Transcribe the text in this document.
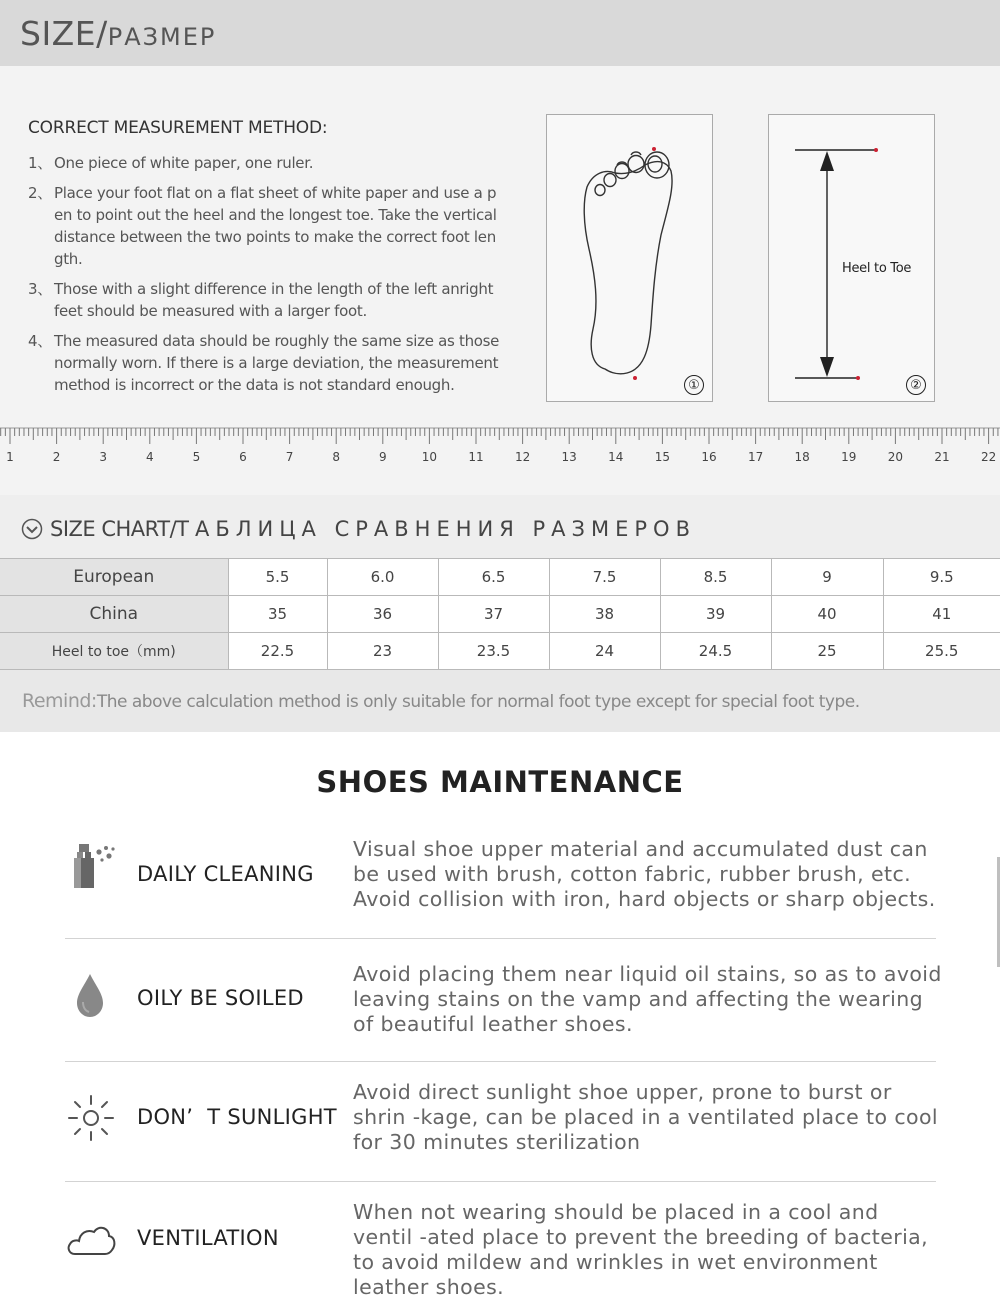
SIZE/РАЗМЕР
CORRECT MEASUREMENT METHOD:
1、 One piece of white paper, one ruler.
2、 Place your foot flat on a flat sheet of white paper and use a p en to point out the heel and the longest toe. Take the vertical distance between the two points to make the correct foot len gth.
3、 Those with a slight difference in the length of the left anright feet should be measured with a larger foot.
4、 The measured data should be roughly the same size as those normally worn. If there is a large deviation, the measurement method is incorrect or the data is not standard enough.	①
Heel to Toe
②
1	2	3	4	5	6	7	8	9	10	11	12	13	14	15	16	17	18	19	20	21	22
SIZE CHART/ТАБЛИЦА СРАВНЕНИЯ РАЗМЕРОВ
European	5.5	6.0	6.5	7.5	8.5	9	9.5
China	35	36	37	38	39	40	41
Heel to toe（mm)	22.5	23	23.5	24	24.5	25	25.5

Remind:The above calculation method is only suitable for normal foot type except for special foot type.

SHOES MAINTENANCE
DAILY CLEANING
Visual shoe upper material and accumulated dust can be used with brush, cotton fabric, rubber brush, etc. Avoid collision with iron, hard objects or sharp objects.
OILY BE SOILED
Avoid placing them near liquid oil stains, so as to avoid leaving stains on the vamp and affecting the wearing of beautiful leather shoes.
DON’  T SUNLIGHT
Avoid direct sunlight shoe upper, prone to burst or shrin -kage, can be placed in a ventilated place to cool for 30 minutes sterilization
VENTILATION
When not wearing should be placed in a cool and ventil -ated place to prevent the breeding of bacteria, to avoid mildew and wrinkles in wet environment leather shoes.
